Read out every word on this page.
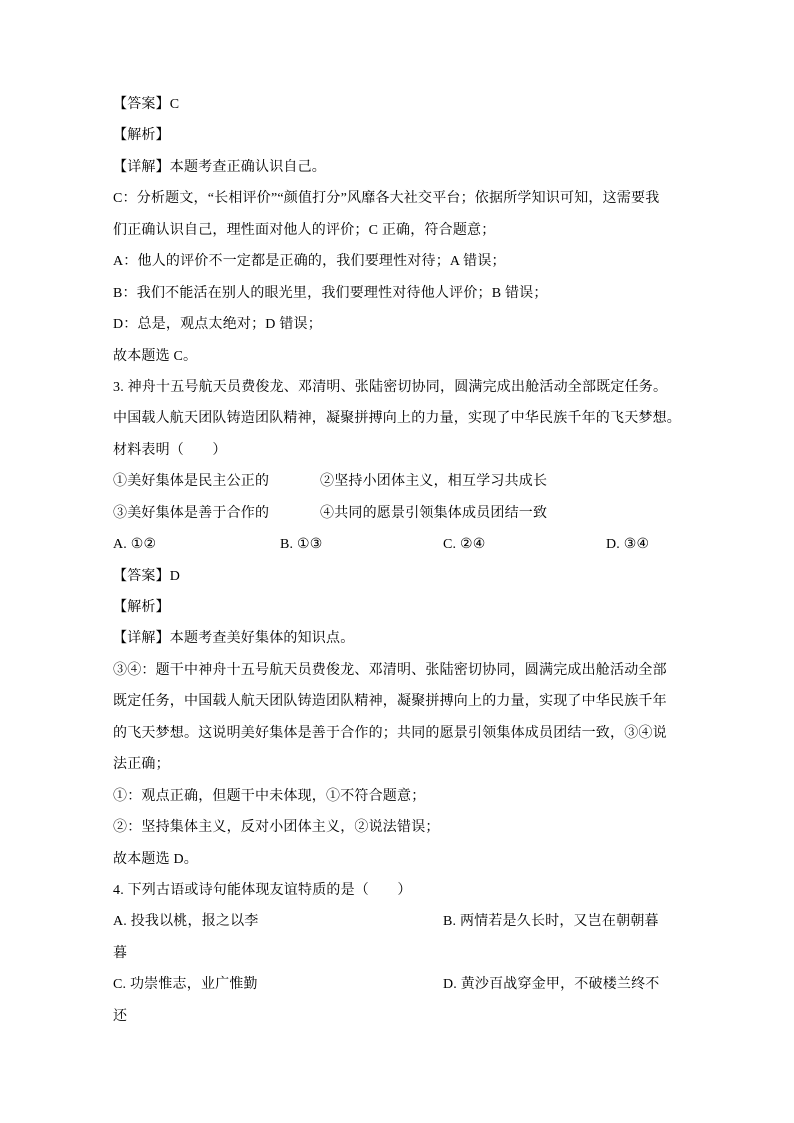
【答案】C
【解析】
【详解】本题考查正确认识自己。
C：分析题文，“长相评价”“颜值打分”风靡各大社交平台；依据所学知识可知，这需要我
们正确认识自己，理性面对他人的评价；C 正确，符合题意；
A：他人的评价不一定都是正确的，我们要理性对待；A 错误；
B：我们不能活在别人的眼光里，我们要理性对待他人评价；B 错误；
D：总是，观点太绝对；D 错误；
故本题选 C。
3. 神舟十五号航天员费俊龙、邓清明、张陆密切协同，圆满完成出舱活动全部既定任务。
中国载人航天团队铸造团队精神，凝聚拼搏向上的力量，实现了中华民族千年的飞天梦想。
材料表明（　　）

①美好集体是民主公正的

	②坚持小团体主义，相互学习共成长

③美好集体是善于合作的

	④共同的愿景引领集体成员团结一致

A. ①②

	B. ①③

	C. ②④

	D. ③④

【答案】D
【解析】
【详解】本题考查美好集体的知识点。
③④：题干中神舟十五号航天员费俊龙、邓清明、张陆密切协同，圆满完成出舱活动全部
既定任务，中国载人航天团队铸造团队精神，凝聚拼搏向上的力量，实现了中华民族千年
的飞天梦想。这说明美好集体是善于合作的；共同的愿景引领集体成员团结一致，③④说
法正确；
①：观点正确，但题干中未体现，①不符合题意；
②：坚持集体主义，反对小团体主义，②说法错误；
故本题选 D。
4. 下列古语或诗句能体现友谊特质的是（　　）

A. 投我以桃，报之以李

	B. 两情若是久长时，又岂在朝朝暮

暮

C. 功崇惟志，业广惟勤

	D. 黄沙百战穿金甲，不破楼兰终不

还
